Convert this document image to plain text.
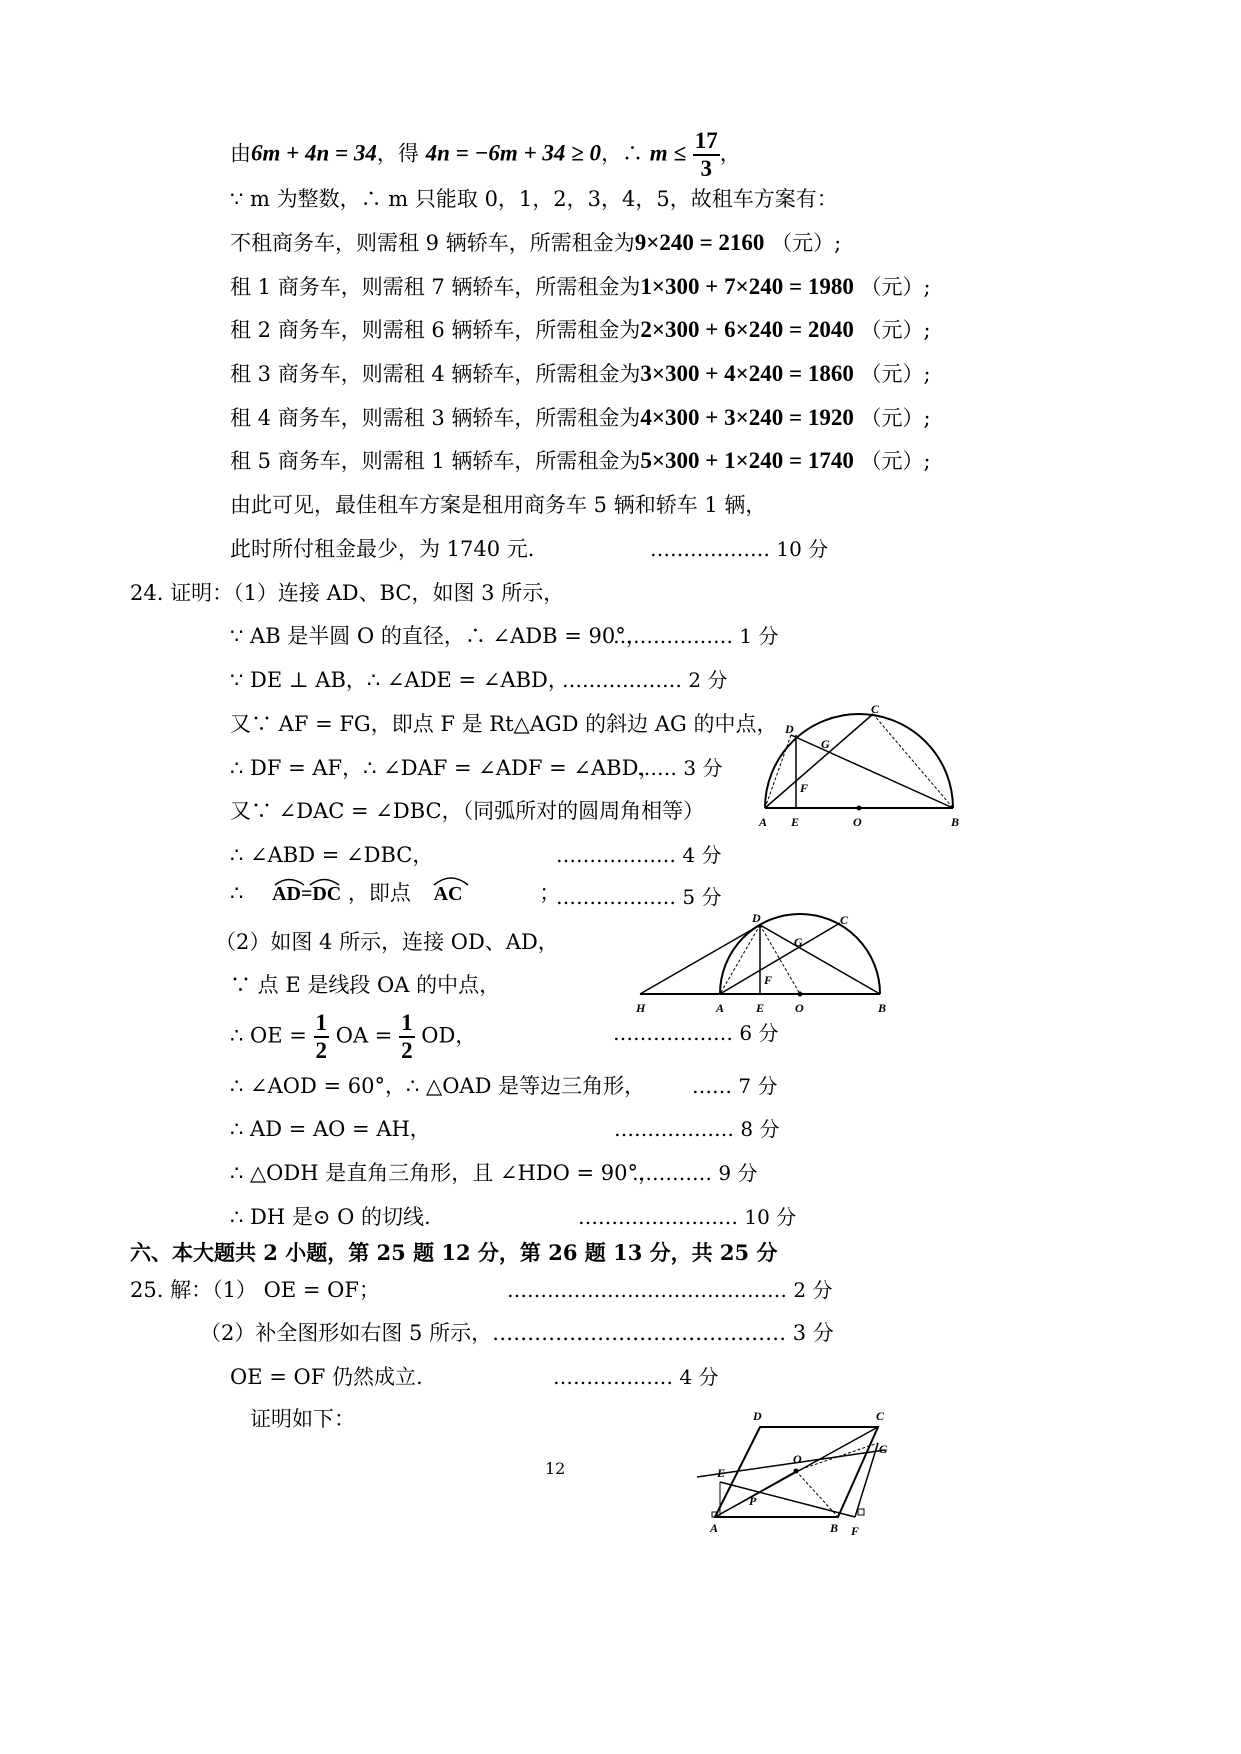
由6m + 4n = 34，得 4n = −6m + 34 ≥ 0，∴ $m \le \frac{17}{3}$ ，
∵ m 为整数，∴ m 只能取 0，1，2，3，4，5，故租车方案有：
不租商务车，则需租 9 辆轿车，所需租金为9×240 = 2160 （元）;
租 1 商务车，则需租 7 辆轿车，所需租金为1×300 + 7×240 = 1980 （元）;
租 2 商务车，则需租 6 辆轿车，所需租金为2×300 + 6×240 = 2040 （元）;
租 3 商务车，则需租 4 辆轿车，所需租金为3×300 + 4×240 = 1860 （元）;
租 4 商务车，则需租 3 辆轿车，所需租金为4×300 + 3×240 = 1920 （元）;
租 5 商务车，则需租 1 辆轿车，所需租金为5×300 + 1×240 = 1740 （元）;
由此可见，最佳租车方案是租用商务车 5 辆和轿车 1 辆，
此时所付租金最少，为 1740 元.	……………… 10 分
24. 证明：（1）连接 AD、BC，如图 3 所示，
∵ AB 是半圆 O 的直径，∴ ∠ADB = 90°，
……………… 1 分
∵ DE ⊥ AB，∴ ∠ADE = ∠ABD，
……………… 2 分
又∵ AF = FG，即点 F 是 Rt△AGD 的斜边 AG 的中点，
∴ DF = AF，∴ ∠DAF = ∠ADF = ∠ABD，
…… 3 分
又∵ ∠DAC = ∠DBC，（同弧所对的圆周角相等）
∴ ∠ABD = ∠DBC，	……………… 4 分
∴ AD=DC ，即点 AC	；
……………… 5 分
（2）如图 4 所示，连接 OD、AD，
∵ 点 E 是线段 OA 的中点，
∴ OE = $\frac{1}{2}$ OA = $\frac{1}{2}$ OD，	……………… 6 分
∴ ∠AOD = 60°，∴ △OAD 是等边三角形， …… 7 分
∴ AD = AO = AH，	……………… 8 分
∴ △ODH 是直角三角形，且 ∠HDO = 90°，
………… 9 分
∴ DH 是⊙ O 的切线.	…………………… 10 分
六、本大题共 2 小题，第 25 题 12 分，第 26 题 13 分，共 25 分
25. 解：（1） OE = OF；	…………………………………… 2 分
（2）补全图形如右图 5 所示，…………………………………… 3 分
OE = OF 仍然成立.	……………… 4 分
证明如下：
12
A E	O	B
C
D
G
F
H	A	E	O	B
C
D
G
F
D	C
G
O
E
P
A	B F
